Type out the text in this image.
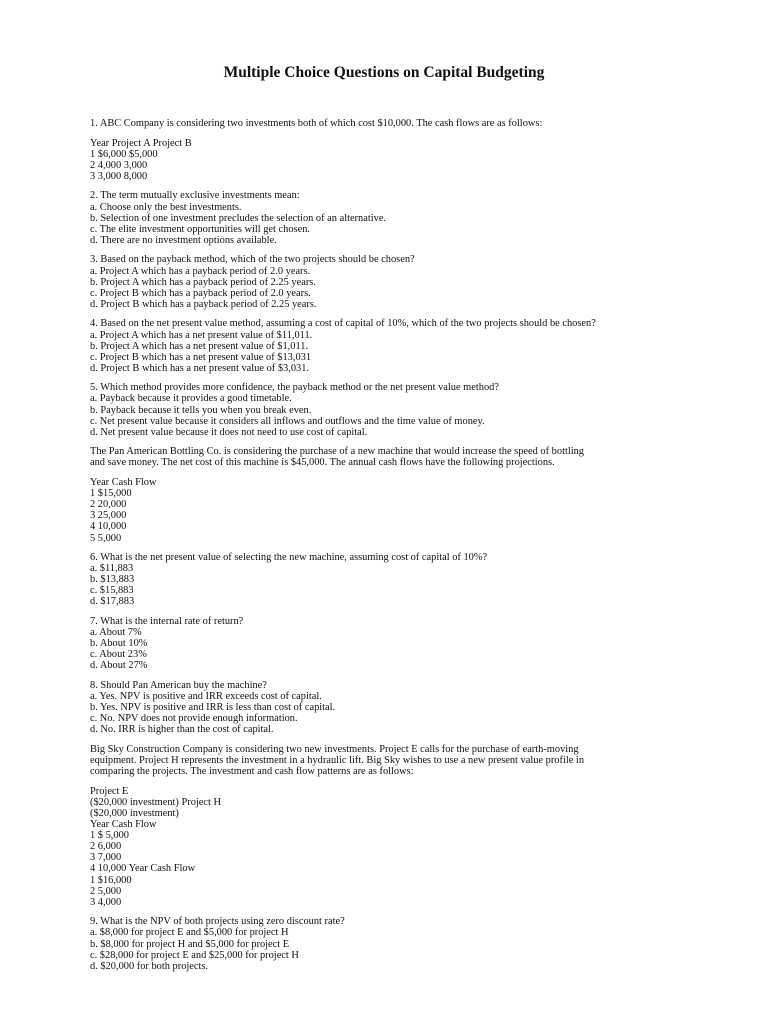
Multiple Choice Questions on Capital Budgeting
1. ABC Company is considering two investments both of which cost $10,000. The cash flows are as follows:
Year Project A Project B
1 $6,000 $5,000
2 4,000 3,000
3 3,000 8,000
2. The term mutually exclusive investments mean:
a. Choose only the best investments.
b. Selection of one investment precludes the selection of an alternative.
c. The elite investment opportunities will get chosen.
d. There are no investment options available.
3. Based on the payback method, which of the two projects should be chosen?
a. Project A which has a payback period of 2.0 years.
b. Project A which has a payback period of 2.25 years.
c. Project B which has a payback period of 2.0 years.
d. Project B which has a payback period of 2.25 years.
4. Based on the net present value method, assuming a cost of capital of 10%, which of the two projects should be chosen?
a. Project A which has a net present value of $11,011.
b. Project A which has a net present value of $1,011.
c. Project B which has a net present value of $13,031
d. Project B which has a net present value of $3,031.
5. Which method provides more confidence, the payback method or the net present value method?
a. Payback because it provides a good timetable.
b. Payback because it tells you when you break even.
c. Net present value because it considers all inflows and outflows and the time value of money.
d. Net present value because it does not need to use cost of capital.
The Pan American Bottling Co. is considering the purchase of a new machine that would increase the speed of bottling
and save money. The net cost of this machine is $45,000. The annual cash flows have the following projections.
Year Cash Flow
1 $15,000
2 20,000
3 25,000
4 10,000
5 5,000
6. What is the net present value of selecting the new machine, assuming cost of capital of 10%?
a. $11,883
b. $13,883
c. $15,883
d. $17,883
7. What is the internal rate of return?
a. About 7%
b. About 10%
c. About 23%
d. About 27%
8. Should Pan American buy the machine?
a. Yes. NPV is positive and IRR exceeds cost of capital.
b. Yes. NPV is positive and IRR is less than cost of capital.
c. No. NPV does not provide enough information.
d. No. IRR is higher than the cost of capital.
Big Sky Construction Company is considering two new investments. Project E calls for the purchase of earth-moving
equipment. Project H represents the investment in a hydraulic lift. Big Sky wishes to use a new present value profile in
comparing the projects. The investment and cash flow patterns are as follows:
Project E
($20,000 investment) Project H
($20,000 investment)
Year Cash Flow
1 $ 5,000
2 6,000
3 7,000
4 10,000 Year Cash Flow
1 $16,000
2 5,000
3 4,000
9. What is the NPV of both projects using zero discount rate?
a. $8,000 for project E and $5,000 for project H
b. $8,000 for project H and $5,000 for project E
c. $28,000 for project E and $25,000 for project H
d. $20,000 for both projects.
